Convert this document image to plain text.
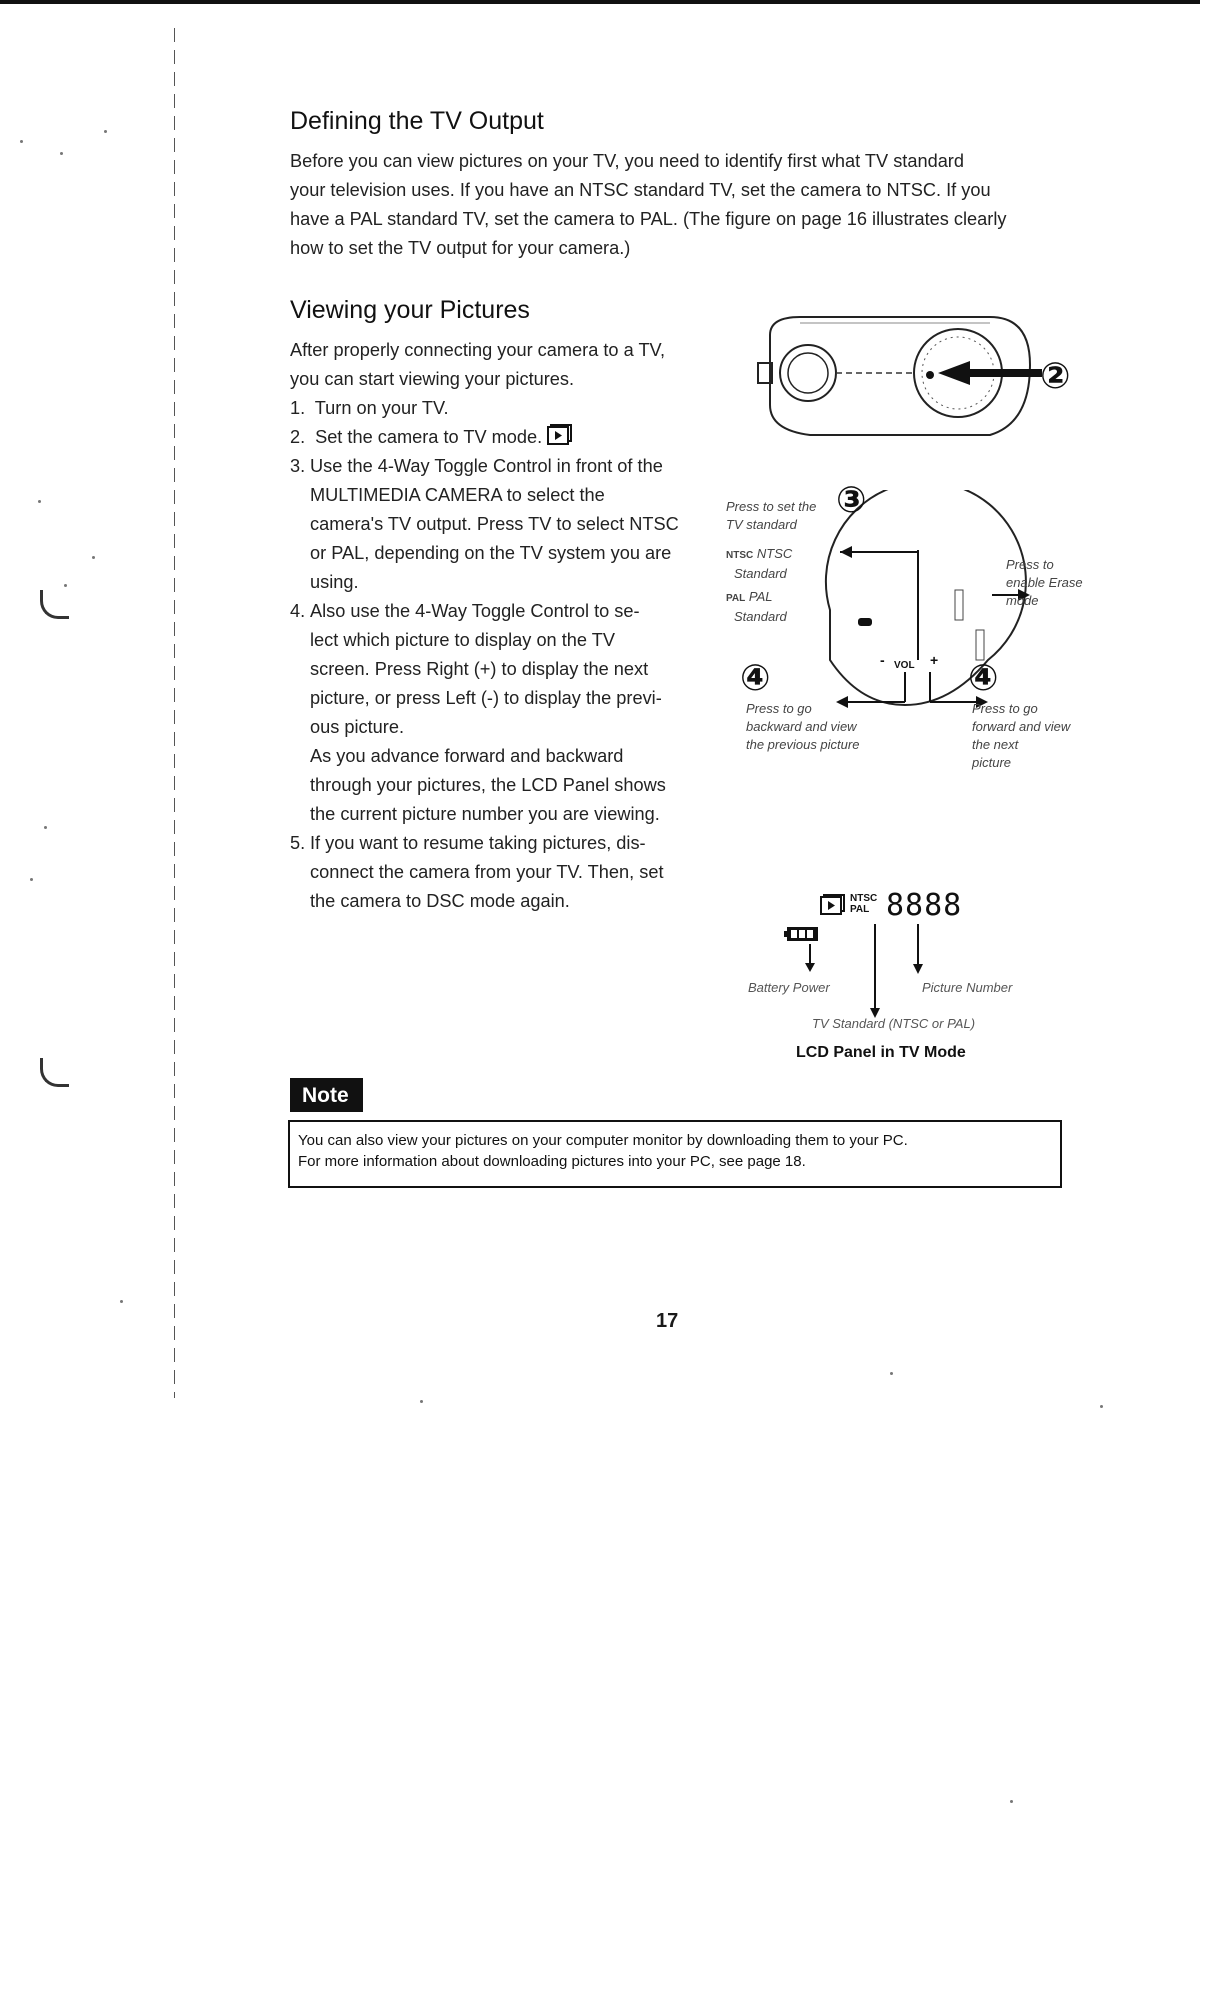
Defining the TV Output

Before you can view pictures on your TV, you need to identify first what TV standard
your television uses. If you have an NTSC standard TV, set the camera to NTSC. If you
have a PAL standard TV, set the camera to PAL. (The figure on page 16 illustrates clearly
how to set the TV output for your camera.)

Viewing your Pictures

After properly connecting your camera to a TV,
you can start viewing your pictures.

1. Turn on your TV.
2. Set the camera to TV mode.
3. Use the 4-Way Toggle Control in front of the
MULTIMEDIA CAMERA to select the
camera's TV output. Press TV to select NTSC
or PAL, depending on the TV system you are
using.
4. Also use the 4-Way Toggle Control to se-
lect which picture to display on the TV
screen. Press Right (+) to display the next
picture, or press Left (-) to display the previ-
ous picture.
As you advance forward and backward
through your pictures, the LCD Panel shows
the current picture number you are viewing.
5. If you want to resume taking pictures, dis-
connect the camera from your TV. Then, set
the camera to DSC mode again.
②
VOL +
-
③
Press to set the
TV standard
NTSC NTSC
Standard
PAL PAL
Standard
Press to
enable Erase
mode
④	④
Press to go
backward and view
the previous picture
Press to go
forward and view
the next
picture
NTSC
PAL 8888
Battery Power	Picture Number
TV Standard (NTSC or PAL)
LCD Panel in TV Mode
Note
You can also view your pictures on your computer monitor by downloading them to your PC.
For more information about downloading pictures into your PC, see page 18.
17
